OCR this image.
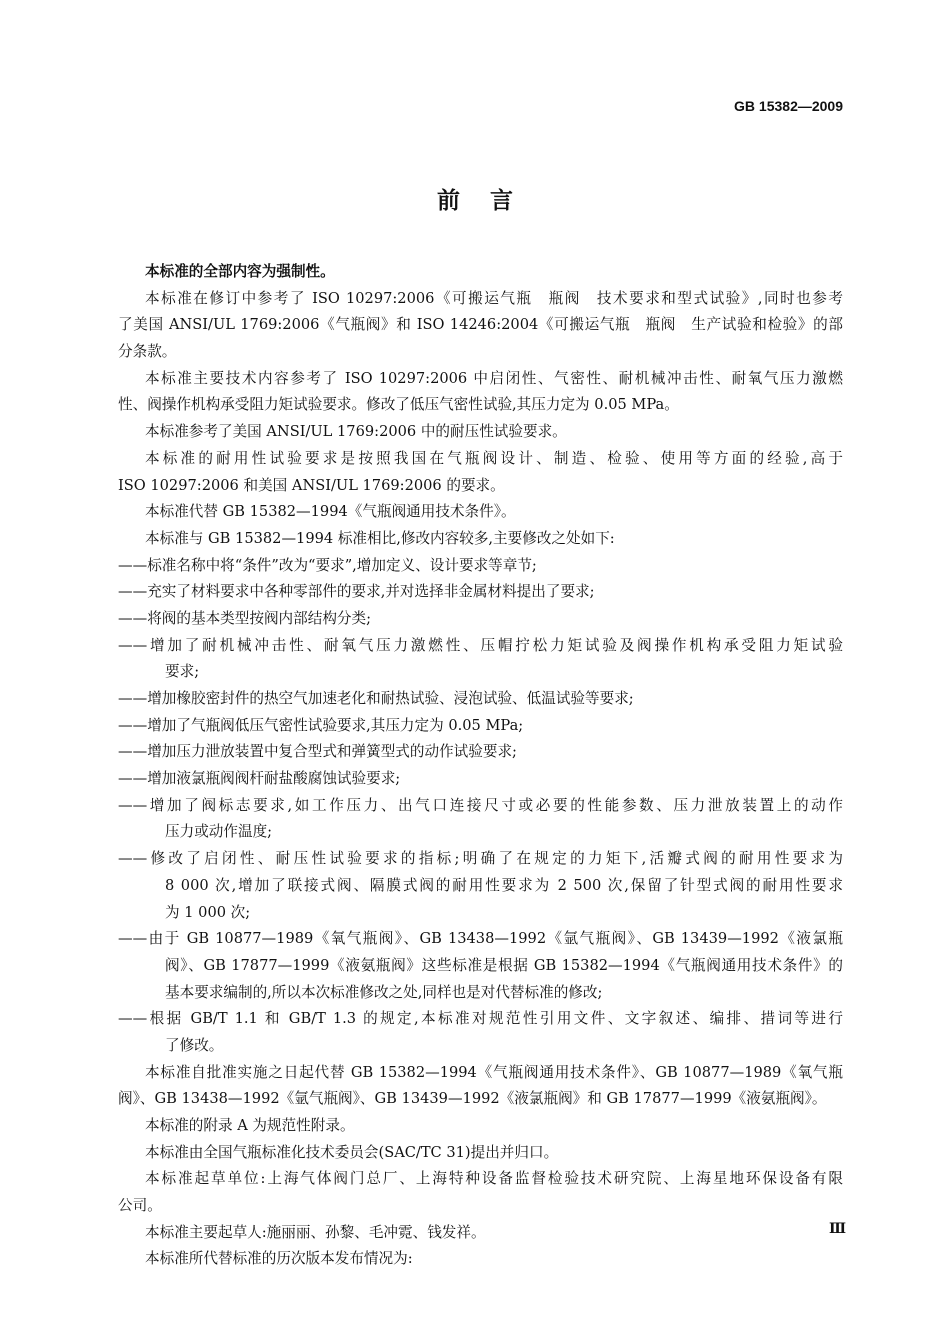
GB 15382—2009
前言
本标准的全部内容为强制性。
本标准在修订中参考了 ISO 10297:2006《可搬运气瓶　瓶阀　技术要求和型式试验》,同时也参考
了美国 ANSI/UL 1769:2006《气瓶阀》和 ISO 14246:2004《可搬运气瓶　瓶阀　生产试验和检验》的部
分条款。
本标准主要技术内容参考了 ISO 10297:2006 中启闭性、气密性、耐机械冲击性、耐氧气压力激燃
性、阀操作机构承受阻力矩试验要求。修改了低压气密性试验,其压力定为 0.05 MPa。
本标准参考了美国 ANSI/UL 1769:2006 中的耐压性试验要求。
本标准的耐用性试验要求是按照我国在气瓶阀设计、制造、检验、使用等方面的经验,高于
ISO 10297:2006 和美国 ANSI/UL 1769:2006 的要求。
本标准代替 GB 15382—1994《气瓶阀通用技术条件》。
本标准与 GB 15382—1994 标准相比,修改内容较多,主要修改之处如下:
——标准名称中将“条件”改为“要求”,增加定义、设计要求等章节;
——充实了材料要求中各种零部件的要求,并对选择非金属材料提出了要求;
——将阀的基本类型按阀内部结构分类;
——增加了耐机械冲击性、耐氧气压力激燃性、压帽拧松力矩试验及阀操作机构承受阻力矩试验
要求;
——增加橡胶密封件的热空气加速老化和耐热试验、浸泡试验、低温试验等要求;
——增加了气瓶阀低压气密性试验要求,其压力定为 0.05 MPa;
——增加压力泄放装置中复合型式和弹簧型式的动作试验要求;
——增加液氯瓶阀阀杆耐盐酸腐蚀试验要求;
——增加了阀标志要求,如工作压力、出气口连接尺寸或必要的性能参数、压力泄放装置上的动作
压力或动作温度;
——修改了启闭性、耐压性试验要求的指标;明确了在规定的力矩下,活瓣式阀的耐用性要求为
8 000 次,增加了联接式阀、隔膜式阀的耐用性要求为 2 500 次,保留了针型式阀的耐用性要求
为 1 000 次;
——由于 GB 10877—1989《氧气瓶阀》、GB 13438—1992《氩气瓶阀》、GB 13439—1992《液氯瓶
阀》、GB 17877—1999《液氨瓶阀》这些标准是根据 GB 15382—1994《气瓶阀通用技术条件》的
基本要求编制的,所以本次标准修改之处,同样也是对代替标准的修改;
——根据 GB/T 1.1 和 GB/T 1.3 的规定,本标准对规范性引用文件、文字叙述、编排、措词等进行
了修改。
本标准自批准实施之日起代替 GB 15382—1994《气瓶阀通用技术条件》、GB 10877—1989《氧气瓶
阀》、GB 13438—1992《氩气瓶阀》、GB 13439—1992《液氯瓶阀》和 GB 17877—1999《液氨瓶阀》。
本标准的附录 A 为规范性附录。
本标准由全国气瓶标准化技术委员会(SAC/TC 31)提出并归口。
本标准起草单位:上海气体阀门总厂、上海特种设备监督检验技术研究院、上海星地环保设备有限
公司。
本标准主要起草人:施丽丽、孙黎、毛冲霓、钱发祥。
本标准所代替标准的历次版本发布情况为:
Ⅲ
